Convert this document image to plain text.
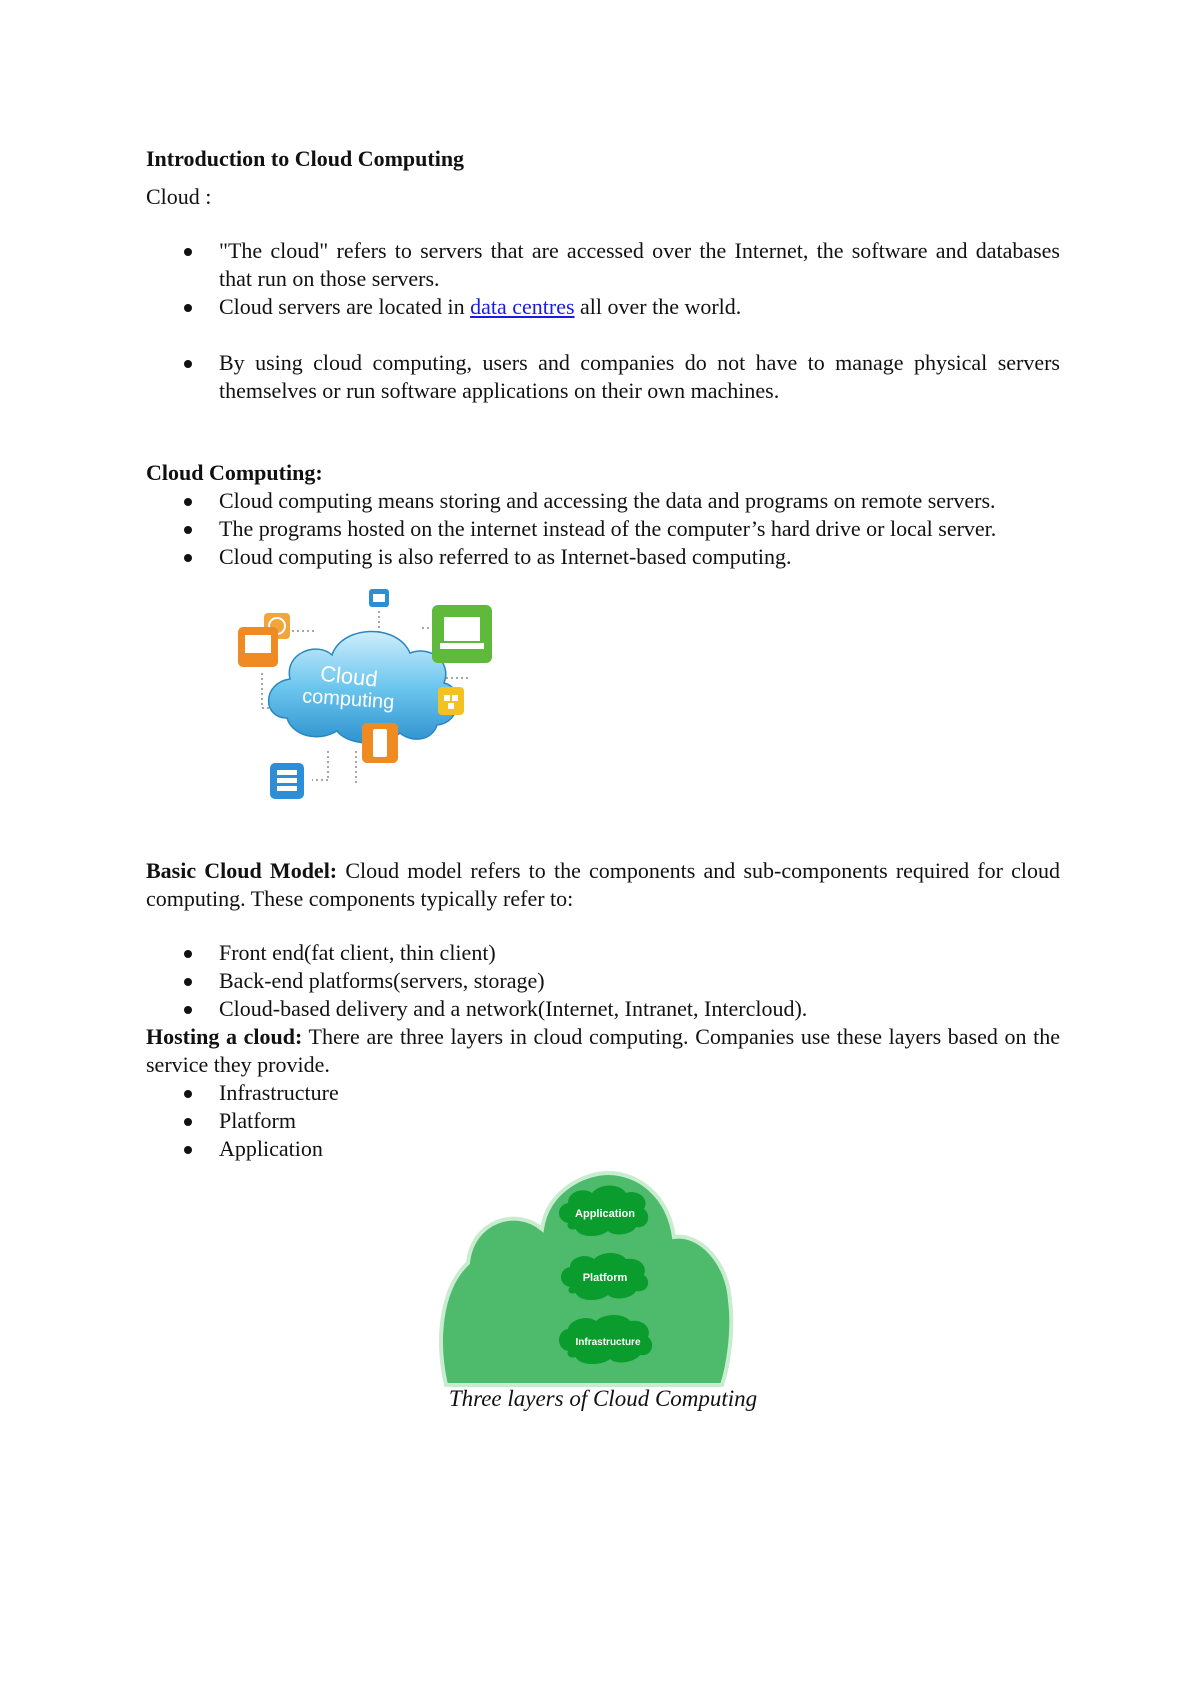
Introduction to Cloud Computing

Cloud :

"The cloud" refers to servers that are accessed over the Internet, the software and databases that run on those servers.
Cloud servers are located in data centres all over the world.
By using cloud computing, users and companies do not have to manage physical servers themselves or run software applications on their own machines.

Cloud Computing:

Cloud computing means storing and accessing the data and programs on remote servers.
The programs hosted on the internet instead of the computer’s hard drive or local server.
Cloud computing is also referred to as Internet-based computing.
Cloud
computing

Basic Cloud Model: Cloud model refers to the components and sub-components required for cloud computing. These components typically refer to:

Front end(fat client, thin client)
Back-end platforms(servers, storage)
Cloud-based delivery and a network(Internet, Intranet, Intercloud).

Hosting a cloud: There are three layers in cloud computing. Companies use these layers based on the service they provide.

Infrastructure
Platform
Application
Application
Platform
Infrastructure

Three layers of Cloud Computing
